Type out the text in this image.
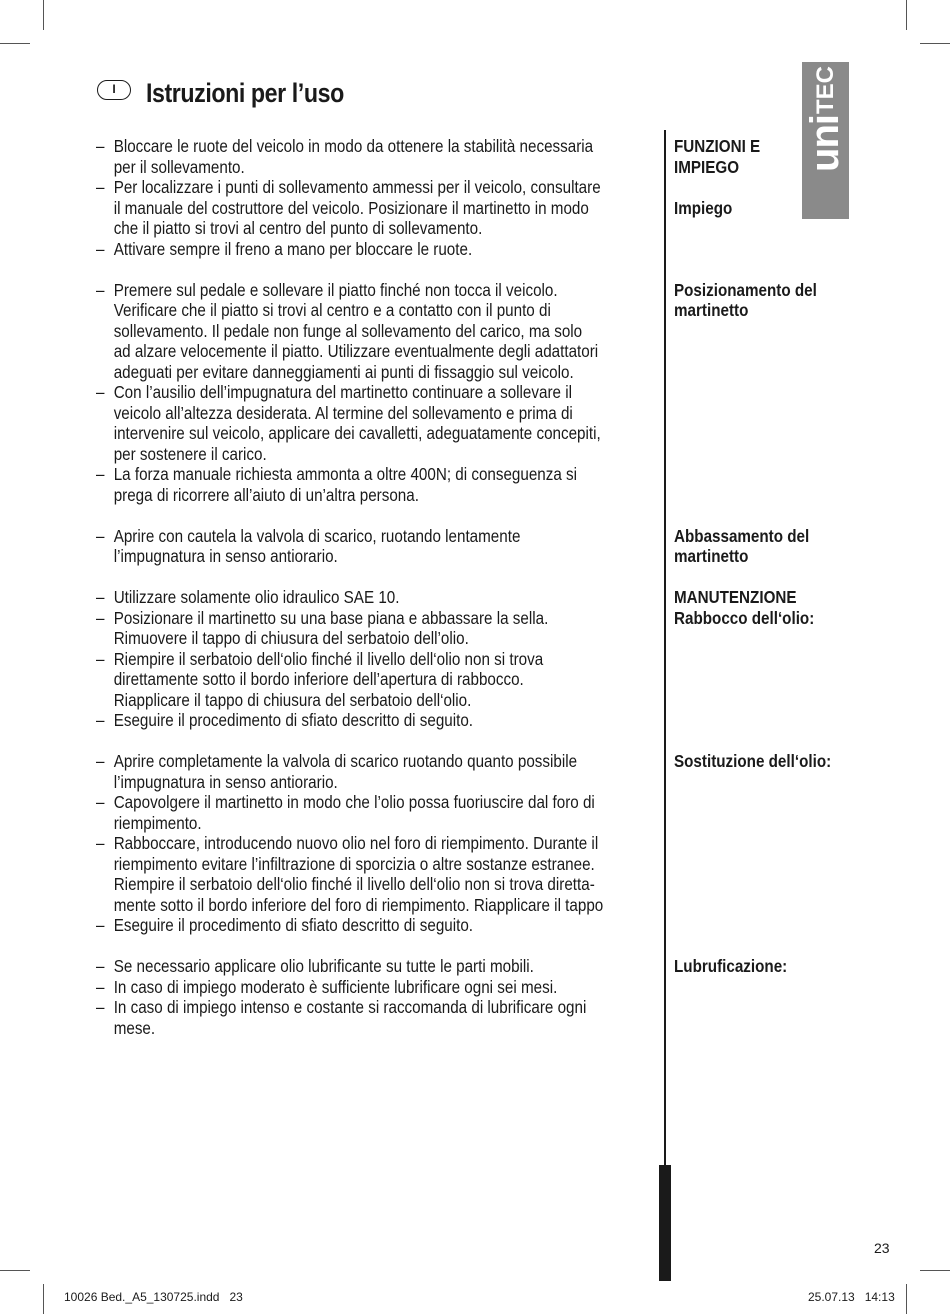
I	Istruzioni per l’uso
uni
TEC
– Bloccare le ruote del veicolo in modo da ottenere la stabilità necessaria
per il sollevamento.
– Per localizzare i punti di sollevamento ammessi per il veicolo, consultare
il manuale del costruttore del veicolo. Posizionare il martinetto in modo
che il piatto si trovi al centro del punto di sollevamento.
– Attivare sempre il freno a mano per bloccare le ruote.
– Premere sul pedale e sollevare il piatto finché non tocca il veicolo.
Verificare che il piatto si trovi al centro e a contatto con il punto di
sollevamento. Il pedale non funge al sollevamento del carico, ma solo
ad alzare velocemente il piatto. Utilizzare eventualmente degli adattatori
adeguati per evitare danneggiamenti ai punti di fissaggio sul veicolo.
– Con l’ausilio dell’impugnatura del martinetto continuare a sollevare il
veicolo all’altezza desiderata. Al termine del sollevamento e prima di
intervenire sul veicolo, applicare dei cavalletti, adeguatamente concepiti,
per sostenere il carico.
– La forza manuale richiesta ammonta a oltre 400N; di conseguenza si
prega di ricorrere all’aiuto di un’altra persona.
– Aprire con cautela la valvola di scarico, ruotando lentamente
l’impugnatura in senso antiorario.
– Utilizzare solamente olio idraulico SAE 10.
– Posizionare il martinetto su una base piana e abbassare la sella.
Rimuovere il tappo di chiusura del serbatoio dell’olio.
– Riempire il serbatoio dell‘olio finché il livello dell‘olio non si trova
direttamente sotto il bordo inferiore dell’apertura di rabbocco.
Riapplicare il tappo di chiusura del serbatoio dell‘olio.
– Eseguire il procedimento di sfiato descritto di seguito.
– Aprire completamente la valvola di scarico ruotando quanto possibile
l’impugnatura in senso antiorario.
– Capovolgere il martinetto in modo che l’olio possa fuoriuscire dal foro di
riempimento.
– Rabboccare, introducendo nuovo olio nel foro di riempimento. Durante il
riempimento evitare l’infiltrazione di sporcizia o altre sostanze estranee.
Riempire il serbatoio dell‘olio finché il livello dell‘olio non si trova diretta-
mente sotto il bordo inferiore del foro di riempimento. Riapplicare il tappo
– Eseguire il procedimento di sfiato descritto di seguito.
– Se necessario applicare olio lubrificante su tutte le parti mobili.
– In caso di impiego moderato è sufficiente lubrificare ogni sei mesi.
– In caso di impiego intenso e costante si raccomanda di lubrificare ogni
mese.
FUNZIONI E
IMPIEGO

Impiego
Posizionamento del
martinetto
Abbassamento del
martinetto
MANUTENZIONE
Rabbocco dell‘olio:
Sostituzione dell‘olio:
Lubruficazione:
23
10026 Bed._A5_130725.indd   23	25.07.13   14:13
